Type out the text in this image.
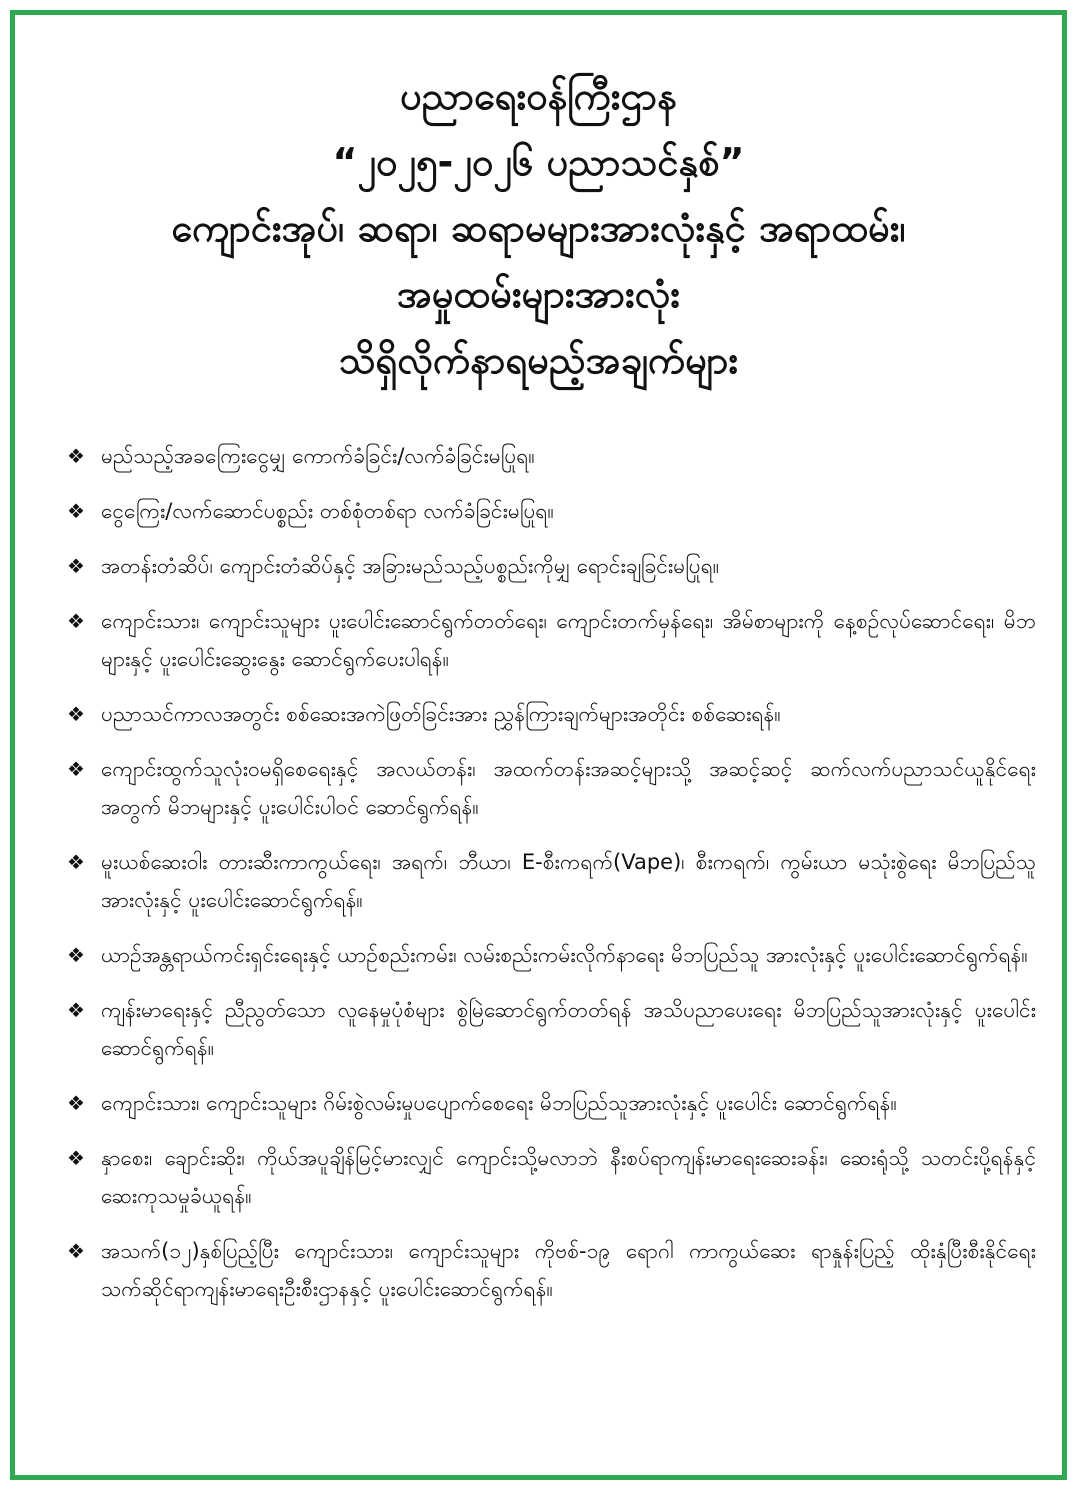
ပညာရေးဝန်ကြီးဌာန
“၂၀၂၅-၂၀၂၆ ပညာသင်နှစ်”
ကျောင်းအုပ်၊ ဆရာ၊ ဆရာမများအားလုံးနှင့် အရာထမ်း၊
အမှုထမ်းများအားလုံး
သိရှိလိုက်နာရမည့်အချက်များ
❖ မည်သည့်အခကြေးငွေမျှ ကောက်ခံခြင်း/လက်ခံခြင်းမပြုရ။
❖ ငွေကြေး/လက်ဆောင်ပစ္စည်း တစ်စုံတစ်ရာ လက်ခံခြင်းမပြုရ။
❖ အတန်းတံဆိပ်၊ ကျောင်းတံဆိပ်နှင့် အခြားမည်သည့်ပစ္စည်းကိုမျှ ရောင်းချခြင်းမပြုရ။
❖ ကျောင်းသား၊ ကျောင်းသူများ ပူးပေါင်းဆောင်ရွက်တတ်ရေး၊ ကျောင်းတက်မှန်ရေး၊ အိမ်စာများကို နေ့စဉ်လုပ်ဆောင်ရေး၊ မိဘများနှင့် ပူးပေါင်းဆွေးနွေး ဆောင်ရွက်ပေးပါရန်။
❖ ပညာသင်ကာလအတွင်း စစ်ဆေးအကဲဖြတ်ခြင်းအား ညွှန်ကြားချက်များအတိုင်း စစ်ဆေးရန်။
❖ ကျောင်းထွက်သူလုံးဝမရှိစေရေးနှင့် အလယ်တန်း၊ အထက်တန်းအဆင့်များသို့ အဆင့်ဆင့် ဆက်လက်ပညာသင်ယူနိုင်ရေးအတွက် မိဘများနှင့် ပူးပေါင်းပါဝင် ဆောင်ရွက်ရန်။
❖ မူးယစ်ဆေးဝါး တားဆီးကာကွယ်ရေး၊ အရက်၊ ဘီယာ၊ E-စီးကရက်(Vape)၊ စီးကရက်၊ ကွမ်းယာ မသုံးစွဲရေး မိဘပြည်သူအားလုံးနှင့် ပူးပေါင်းဆောင်ရွက်ရန်။
❖ ယာဉ်အန္တရာယ်ကင်းရှင်းရေးနှင့် ယာဉ်စည်းကမ်း၊ လမ်းစည်းကမ်းလိုက်နာရေး မိဘပြည်သူ အားလုံးနှင့် ပူးပေါင်းဆောင်ရွက်ရန်။
❖ ကျန်းမာရေးနှင့် ညီညွတ်သော လူနေမှုပုံစံများ စွဲမြဲဆောင်ရွက်တတ်ရန် အသိပညာပေးရေး မိဘပြည်သူအားလုံးနှင့် ပူးပေါင်းဆောင်ရွက်ရန်။
❖ ကျောင်းသား၊ ကျောင်းသူများ ဂိမ်းစွဲလမ်းမှုပပျောက်စေရေး မိဘပြည်သူအားလုံးနှင့် ပူးပေါင်း ဆောင်ရွက်ရန်။
❖ နှာစေး၊ ချောင်းဆိုး၊ ကိုယ်အပူချိန်မြင့်မားလျှင် ကျောင်းသို့မလာဘဲ နီးစပ်ရာကျန်းမာရေးဆေးခန်း၊ ဆေးရုံသို့ သတင်းပို့ရန်နှင့် ဆေးကုသမှုခံယူရန်။
❖ အသက်(၁၂)နှစ်ပြည့်ပြီး ကျောင်းသား၊ ကျောင်းသူများ ကိုဗစ်-၁၉ ရောဂါ ကာကွယ်ဆေး ရာနှုန်းပြည့် ထိုးနှံပြီးစီးနိုင်ရေး သက်ဆိုင်ရာကျန်းမာရေးဦးစီးဌာနနှင့် ပူးပေါင်းဆောင်ရွက်ရန်။
